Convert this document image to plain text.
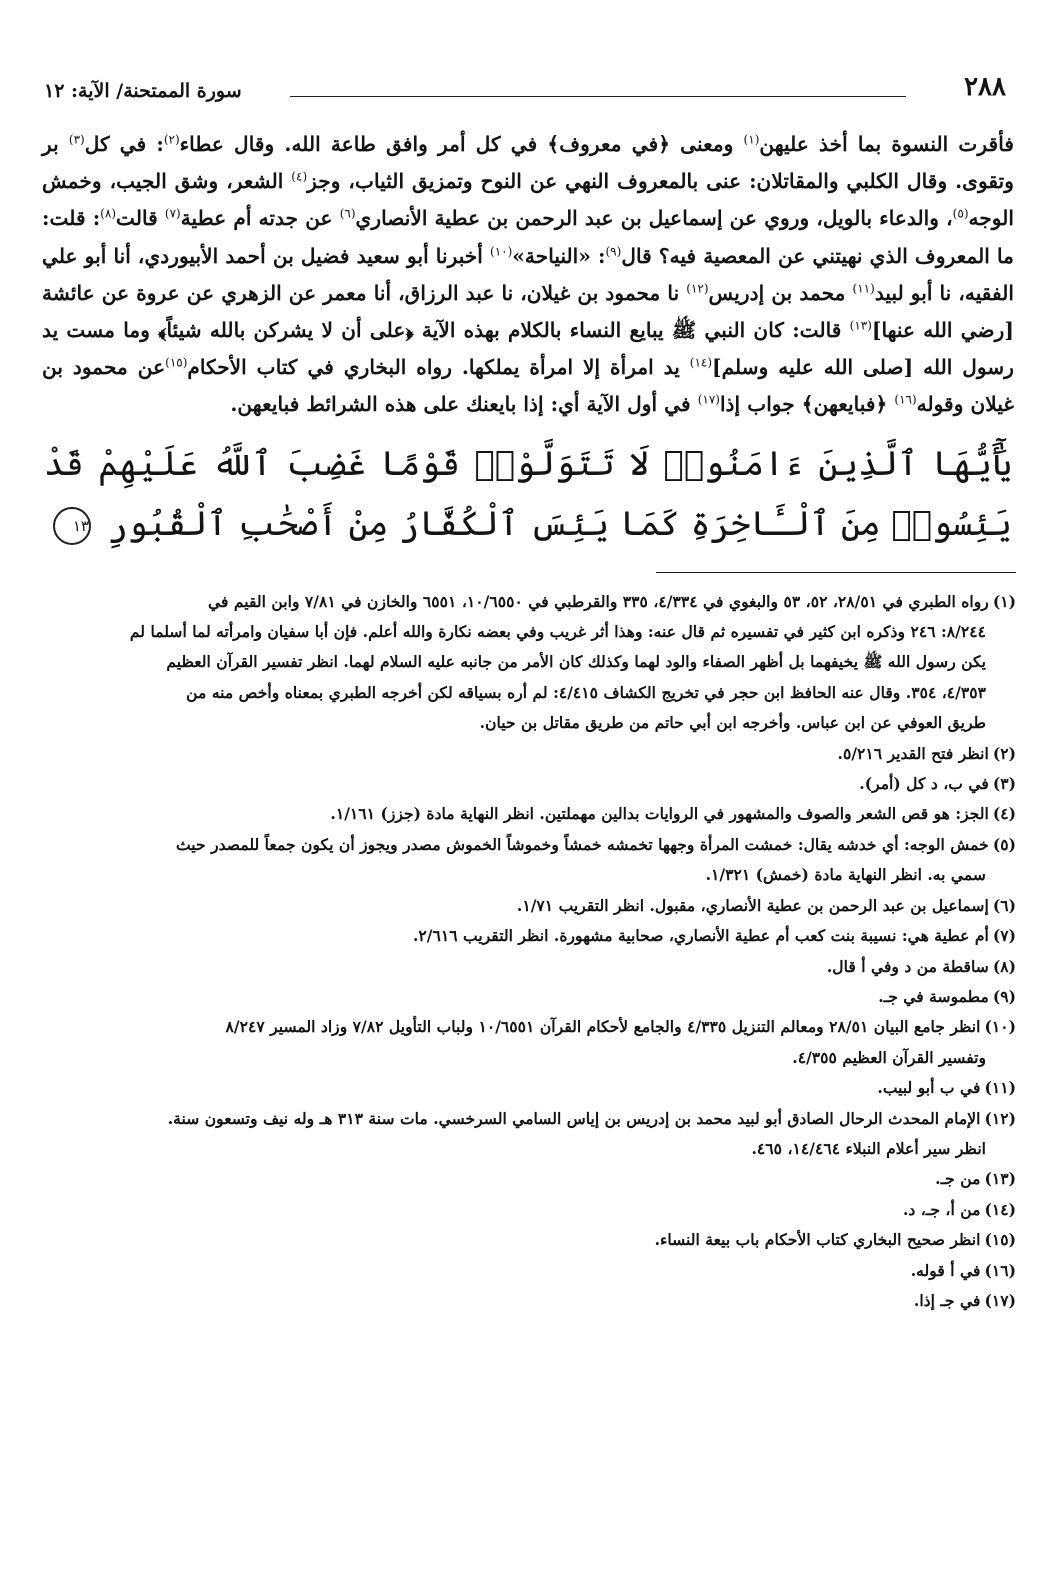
٢٨٨
سورة الممتحنة/ الآية: ١٢
فأقرت النسوة بما أخذ عليهن$^{(١)}$ ومعنى ﴿في معروف﴾ في كل أمر وافق طاعة الله. وقال عطاء$^{(٢)}$: في كل$^{(٣)}$ بر وتقوى. وقال الكلبي والمقاتلان: عنى بالمعروف النهي عن النوح وتمزيق الثياب، وجز$^{(٤)}$ الشعر، وشق الجيب، وخمش الوجه$^{(٥)}$، والدعاء بالويل، وروي عن إسماعيل بن عبد الرحمن بن عطية الأنصاري$^{(٦)}$ عن جدته أم عطية$^{(٧)}$ قالت$^{(٨)}$: قلت: ما المعروف الذي نهيتني عن المعصية فيه؟ قال$^{(٩)}$: «النياحة»$^{(١٠)}$ أخبرنا أبو سعيد فضيل بن أحمد الأبيوردي، أنا أبو علي الفقيه، نا أبو لبيد$^{(١١)}$ محمد بن إدريس$^{(١٢)}$ نا محمود بن غيلان، نا عبد الرزاق، أنا معمر عن الزهري عن عروة عن عائشة [رضي الله عنها]$^{(١٣)}$ قالت: كان النبي ﷺ يبايع النساء بالكلام بهذه الآية ﴿على أن لا يشركن بالله شيئاً﴾ وما مست يد رسول الله [صلى الله عليه وسلم]$^{(١٤)}$ يد امرأة إلا امرأة يملكها. رواه البخاري في كتاب الأحكام$^{(١٥)}$عن محمود بن غيلان وقوله$^{(١٦)}$ ﴿فبايعهن﴾ جواب إذا$^{(١٧)}$ في أول الآية أي: إذا بايعنك على هذه الشرائط فبايعهن.
يَٰٓأَيُّهَا ٱلَّذِينَ ءَامَنُوا۟ لَا تَتَوَلَّوْا۟ قَوْمًا غَضِبَ ٱللَّهُ عَلَيْهِمْ قَدْ يَئِسُوا۟ مِنَ ٱلْـَٔاخِرَةِ كَمَا يَئِسَ ٱلْكُفَّارُ مِنْ أَصْحَٰبِ ٱلْقُبُورِ ١٣
(١)رواه الطبري في ٢٨/٥١، ٥٢، ٥٣ والبغوي في ٤/٣٣٤، ٣٣٥ والقرطبي في ١٠/٦٥٥٠، ٦٥٥١ والخازن في ٧/٨١ وابن القيم في
٨/٢٤٤: ٢٤٦ وذكره ابن كثير في تفسيره ثم قال عنه: وهذا أثر غريب وفي بعضه نكارة والله أعلم. فإن أبا سفيان وامرأته لما أسلما لم
يكن رسول الله ﷺ يخيفهما بل أظهر الصفاء والود لهما وكذلك كان الأمر من جانبه عليه السلام لهما. انظر تفسير القرآن العظيم
٤/٣٥٣، ٣٥٤. وقال عنه الحافظ ابن حجر في تخريج الكشاف ٤/٤١٥: لم أره بسياقه لكن أخرجه الطبري بمعناه وأخص منه من
طريق العوفي عن ابن عباس. وأخرجه ابن أبي حاتم من طريق مقاتل بن حيان.
(٢)انظر فتح القدير ٥/٢١٦.
(٣)في ب، د كل (أمر).
(٤)الجز: هو قص الشعر والصوف والمشهور في الروايات بدالين مهملتين. انظر النهاية مادة (جزز) ١/١٦١.
(٥)خمش الوجه: أي خدشه يقال: خمشت المرأة وجهها تخمشه خمشاً وخموشاً الخموش مصدر ويجوز أن يكون جمعاً للمصدر حيث
سمي به. انظر النهاية مادة (خمش) ١/٣٢١.
(٦)إسماعيل بن عبد الرحمن بن عطية الأنصاري، مقبول. انظر التقريب ١/٧١.
(٧)أم عطية هي: نسيبة بنت كعب أم عطية الأنصاري، صحابية مشهورة. انظر التقريب ٢/٦١٦.
(٨)ساقطة من د وفي أ قال.
(٩)مطموسة في جـ.
(١٠)انظر جامع البيان ٢٨/٥١ ومعالم التنزيل ٤/٣٣٥ والجامع لأحكام القرآن ١٠/٦٥٥١ ولباب التأويل ٧/٨٢ وزاد المسير ٨/٢٤٧
وتفسير القرآن العظيم ٤/٣٥٥.
(١١)في ب أبو لبيب.
(١٢)الإمام المحدث الرحال الصادق أبو لبيد محمد بن إدريس بن إياس السامي السرخسي. مات سنة ٣١٣ هـ وله نيف وتسعون سنة.
انظر سير أعلام النبلاء ١٤/٤٦٤، ٤٦٥.
(١٣)من جـ.
(١٤)من أ، جـ، د.
(١٥)انظر صحيح البخاري كتاب الأحكام باب بيعة النساء.
(١٦)في أ قوله.
(١٧)في جـ إذا.
